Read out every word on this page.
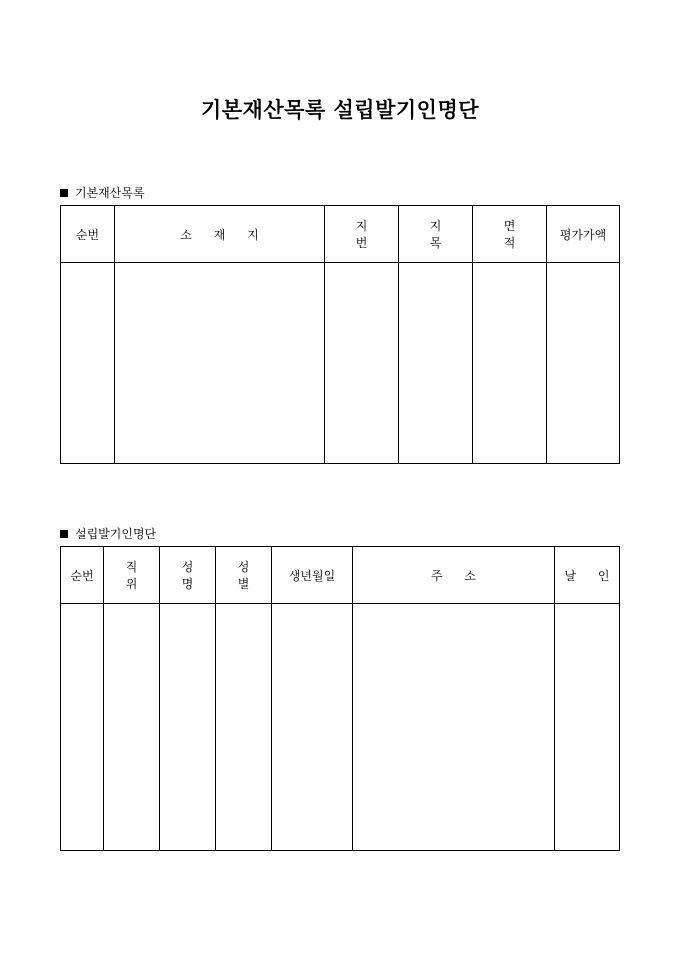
기본재산목록 설립발기인명단
기본재산목록
순번	소 재 지	지 번	지 목	면 적	평가가액

설립발기인명단
순번	직 위	성 명	성 별	생년월일	주 소	날 인
